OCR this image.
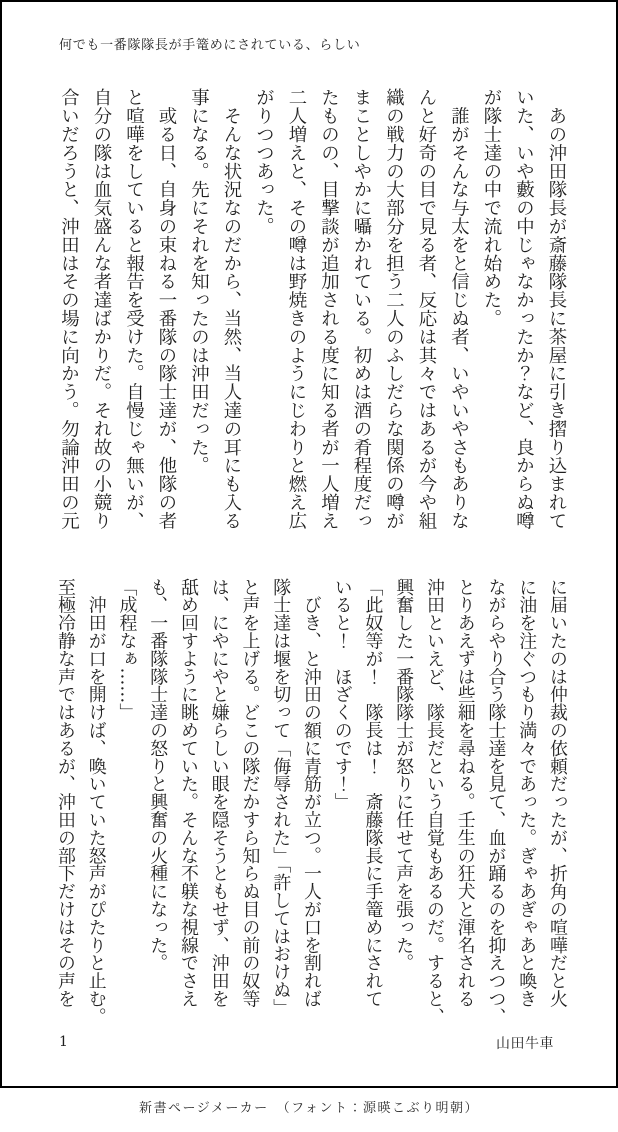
何でも一番隊隊長が手篭めにされている、らしい
　あの沖田隊長が斎藤隊長に茶屋に引き摺り込まれて
いた、いや藪の中じゃなかったか？など、良からぬ噂
が隊士達の中で流れ始めた。
　誰がそんな与太をと信じぬ者、いやいやさもありな
んと好奇の目で見る者、反応は其々ではあるが今や組
織の戦力の大部分を担う二人のふしだらな関係の噂が
まことしやかに囁かれている。初めは酒の肴程度だっ
たものの、目撃談が追加される度に知る者が一人増え
二人増えと、その噂は野焼きのようにじわりと燃え広
がりつつあった。
　そんな状況なのだから、当然、当人達の耳にも入る
事になる。先にそれを知ったのは沖田だった。
　或る日、自身の束ねる一番隊の隊士達が、他隊の者
と喧嘩をしていると報告を受けた。自慢じゃ無いが、
自分の隊は血気盛んな者達ばかりだ。それ故の小競り
合いだろうと、沖田はその場に向かう。勿論沖田の元
に届いたのは仲裁の依頼だったが、折角の喧嘩だと火
に油を注ぐつもり満々であった。ぎゃあぎゃあと喚き
ながらやり合う隊士達を見て、血が踊るのを抑えつつ、
とりあえずは些細を尋ねる。壬生の狂犬と渾名される
沖田といえど、隊長だという自覚もあるのだ。すると、
興奮した一番隊隊士が怒りに任せて声を張った。
「此奴等が！　隊長は！　斎藤隊長に手篭めにされて
いると！　ほざくのです！」
　びき、と沖田の額に青筋が立つ。一人が口を割れば
隊士達は堰を切って「侮辱された」「許してはおけぬ」
と声を上げる。どこの隊だかすら知らぬ目の前の奴等
は、にやにやと嫌らしい眼を隠そうともせず、沖田を
舐め回すように眺めていた。そんな不躾な視線でさえ
も、一番隊隊士達の怒りと興奮の火種になった。
「成程なぁ……」
　沖田が口を開けば、喚いていた怒声がぴたりと止む。
至極冷静な声ではあるが、沖田の部下だけはその声を
1	山田牛車
新書ページメーカー　（フォント：源暎こぶり明朝）
